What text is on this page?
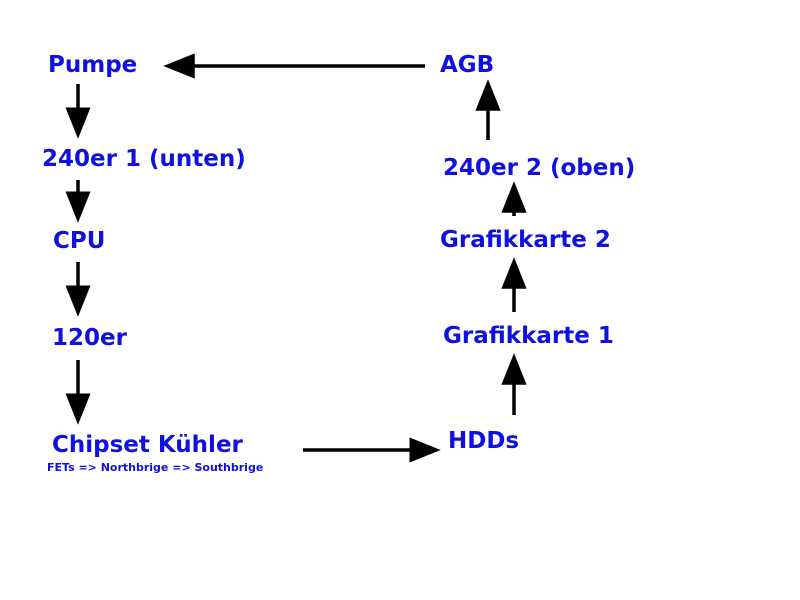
Pumpe
240er 1 (unten)
CPU
120er
Chipset Kühler
FETs => Northbrige => Southbrige
AGB
240er 2 (oben)
Grafikkarte 2
Grafikkarte 1
HDDs
